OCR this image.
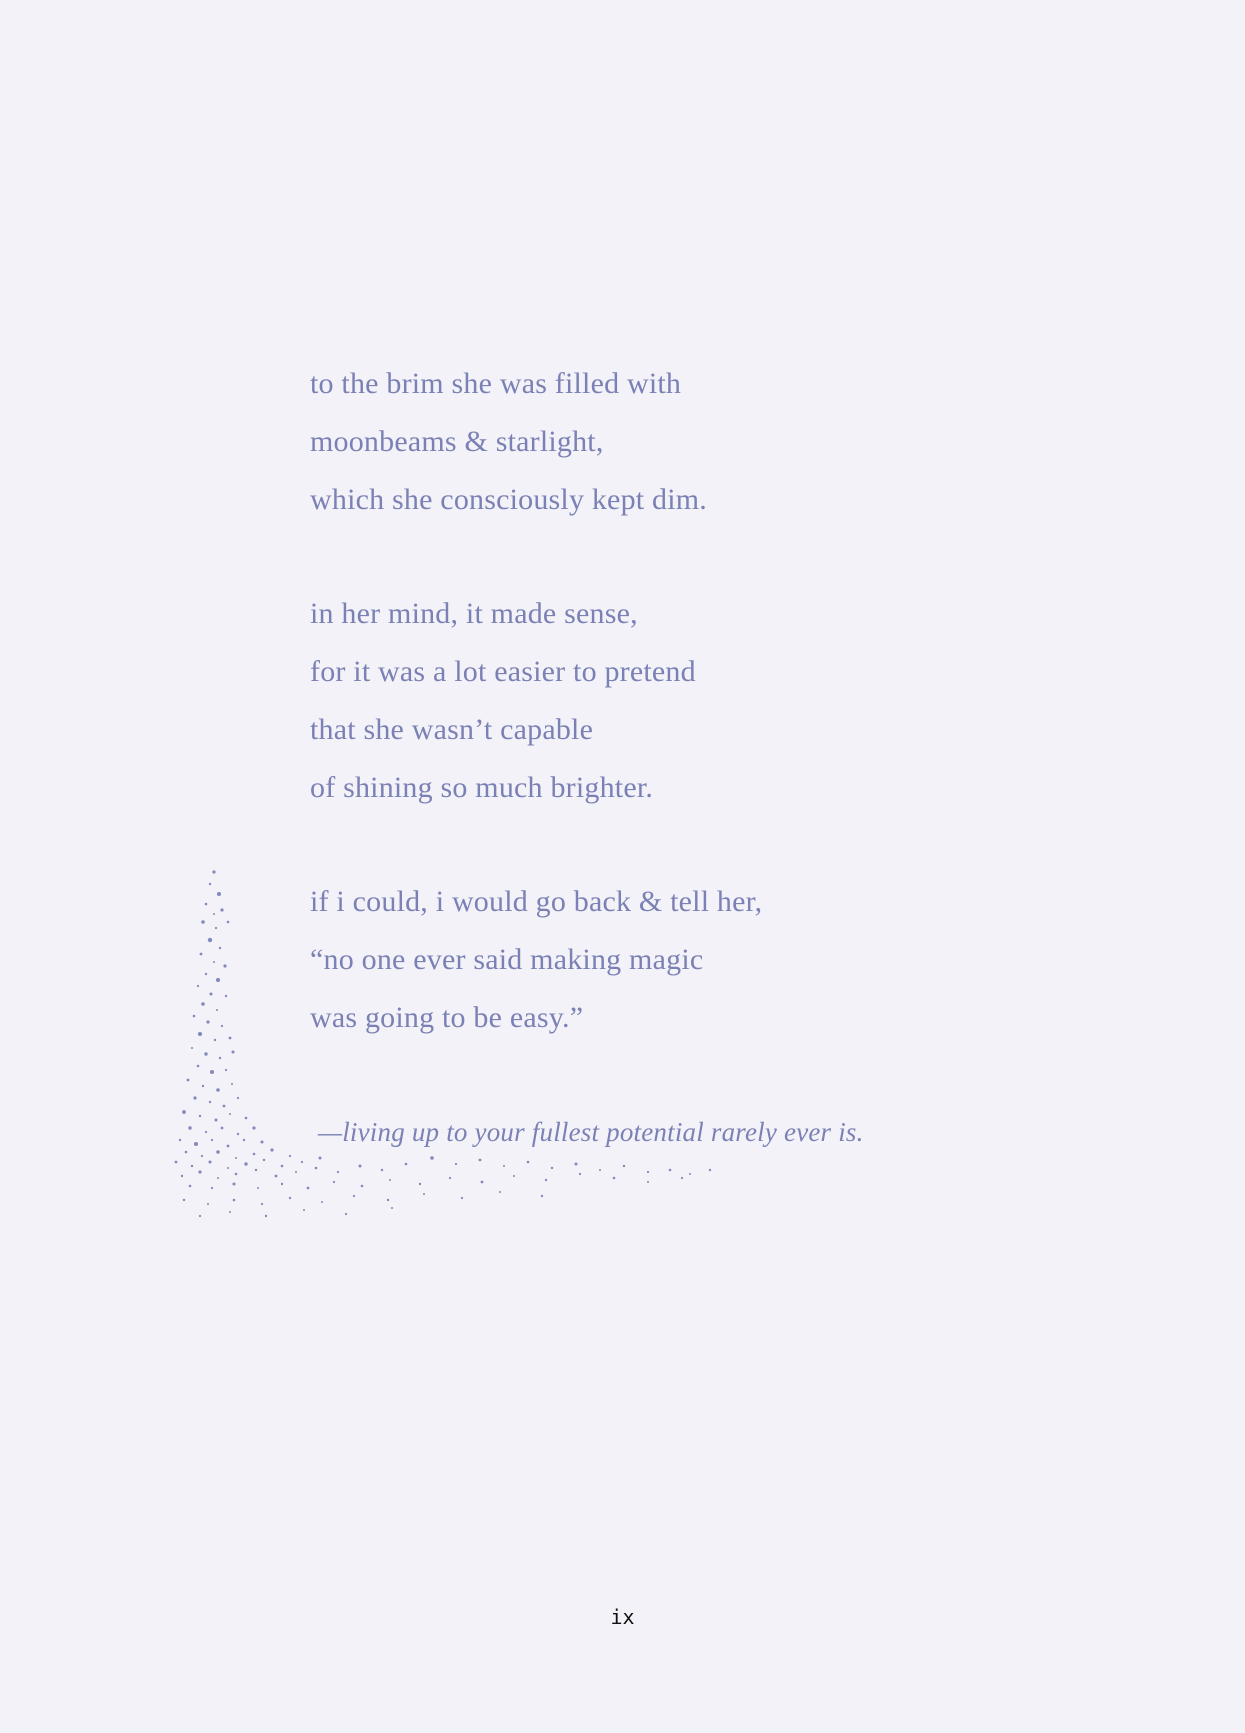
to the brim she was filled with
moonbeams & starlight,
which she consciously kept dim.
in her mind, it made sense,
for it was a lot easier to pretend
that she wasn’t capable
of shining so much brighter.
if i could, i would go back & tell her,
“no one ever said making magic
was going to be easy.”
—living up to your fullest potential rarely ever is.
ix
